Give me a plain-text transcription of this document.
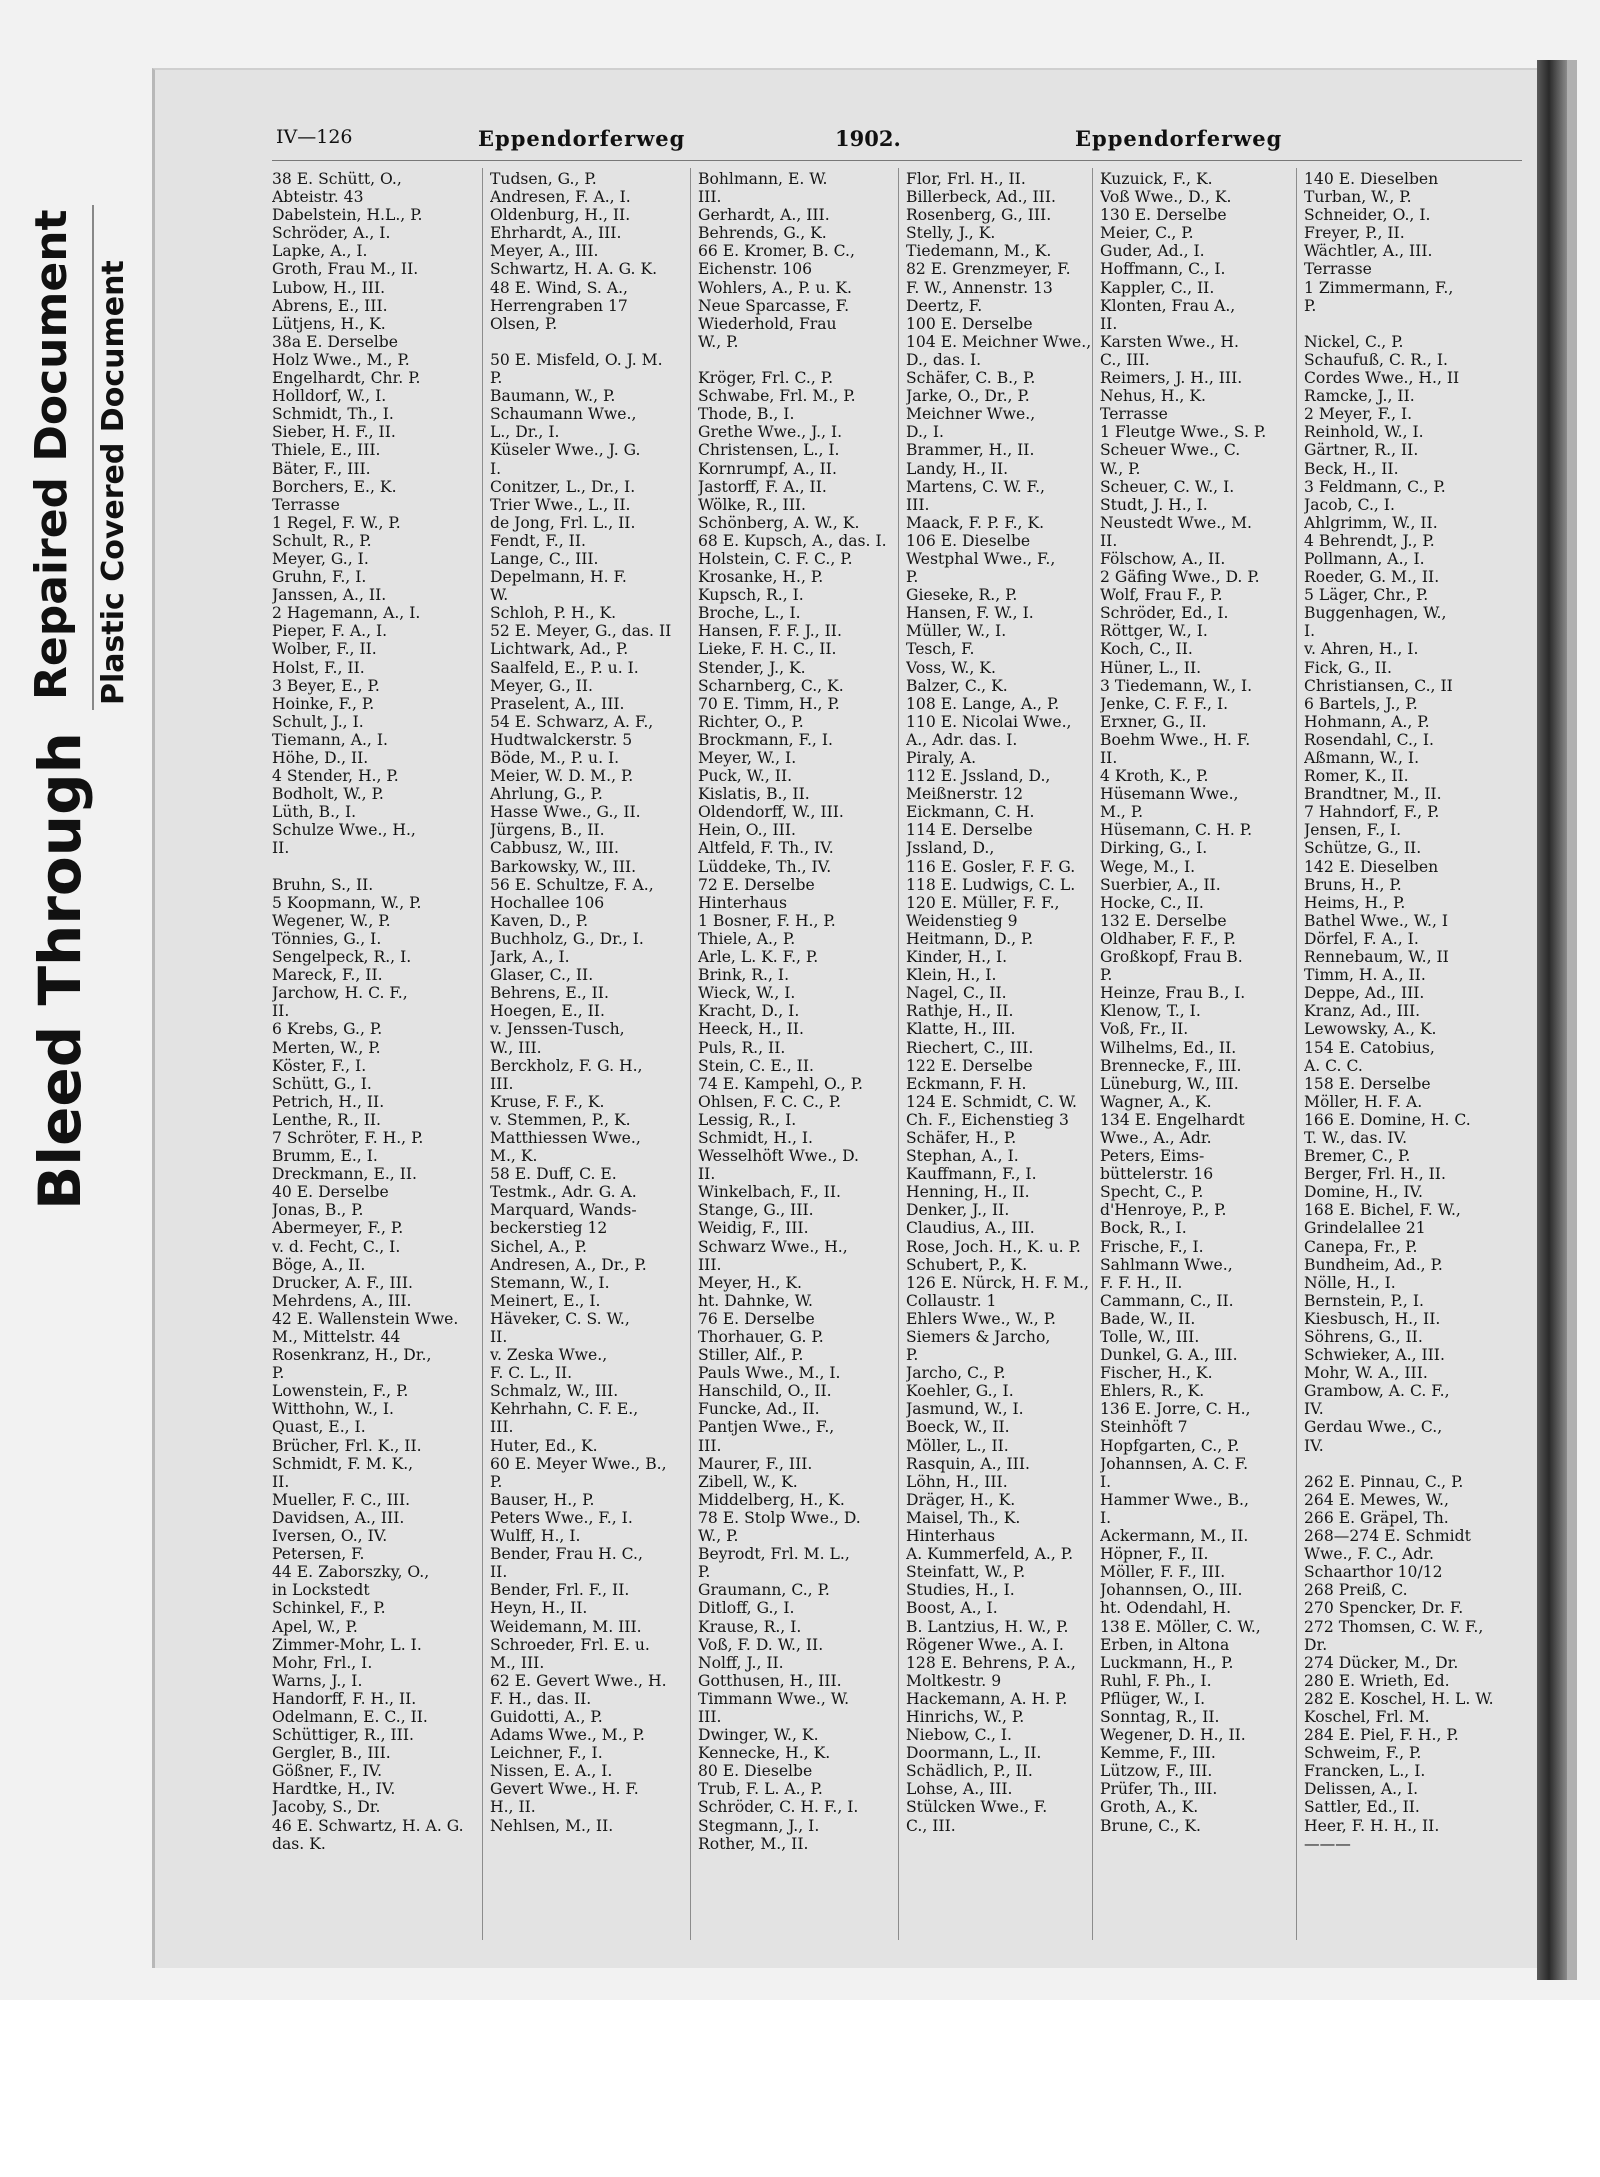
Bleed Through
Repaired Document Plastic Covered Document
IV—126	Eppendorferweg	1902.	Eppendorferweg
38 E. Schütt, O.,
Abteistr. 43
Dabelstein, H.L., P.
Schröder, A., I.
Lapke, A., I.
Groth, Frau M., II.
Lubow, H., III.
Abrens, E., III.
Lütjens, H., K.
38a E. Derselbe
Holz Wwe., M., P.
Engelhardt, Chr. P.
Holldorf, W., I.
Schmidt, Th., I.
Sieber, H. F., II.
Thiele, E., III.
Bäter, F., III.
Borchers, E., K.
Terrasse
1 Regel, F. W., P.
Schult, R., P.
Meyer, G., I.
Gruhn, F., I.
Janssen, A., II.
2 Hagemann, A., I.
Pieper, F. A., I.
Wolber, F., II.
Holst, F., II.
3 Beyer, E., P.
Hoinke, F., P.
Schult, J., I.
Tiemann, A., I.
Höhe, D., II.
4 Stender, H., P.
Bodholt, W., P.
Lüth, B., I.
Schulze Wwe., H.,
II.
Bruhn, S., II.
5 Koopmann, W., P.
Wegener, W., P.
Tönnies, G., I.
Sengelpeck, R., I.
Mareck, F., II.
Jarchow, H. C. F.,
II.
6 Krebs, G., P.
Merten, W., P.
Köster, F., I.
Schütt, G., I.
Petrich, H., II.
Lenthe, R., II.
7 Schröter, F. H., P.
Brumm, E., I.
Dreckmann, E., II.
40 E. Derselbe
Jonas, B., P.
Abermeyer, F., P.
v. d. Fecht, C., I.
Böge, A., II.
Drucker, A. F., III.
Mehrdens, A., III.
42 E. Wallenstein Wwe.
M., Mittelstr. 44
Rosenkranz, H., Dr.,
P.
Lowenstein, F., P.
Witthohn, W., I.
Quast, E., I.
Brücher, Frl. K., II.
Schmidt, F. M. K.,
II.
Mueller, F. C., III.
Davidsen, A., III.
Iversen, O., IV.
Petersen, F.
44 E. Zaborszky, O.,
in Lockstedt
Schinkel, F., P.
Apel, W., P.
Zimmer-Mohr, L. I.
Mohr, Frl., I.
Warns, J., I.
Handorff, F. H., II.
Odelmann, E. C., II.
Schüttiger, R., III.
Gergler, B., III.
Gößner, F., IV.
Hardtke, H., IV.
Jacoby, S., Dr.
46 E. Schwartz, H. A. G.
das. K.
Tudsen, G., P.
Andresen, F. A., I.
Oldenburg, H., II.
Ehrhardt, A., III.
Meyer, A., III.
Schwartz, H. A. G. K.
48 E. Wind, S. A.,
Herrengraben 17
Olsen, P.
50 E. Misfeld, O. J. M.
P.
Baumann, W., P.
Schaumann Wwe.,
L., Dr., I.
Küseler Wwe., J. G.
I.
Conitzer, L., Dr., I.
Trier Wwe., L., II.
de Jong, Frl. L., II.
Fendt, F., II.
Lange, C., III.
Depelmann, H. F.
W.
Schloh, P. H., K.
52 E. Meyer, G., das. II
Lichtwark, Ad., P.
Saalfeld, E., P. u. I.
Meyer, G., II.
Praselent, A., III.
54 E. Schwarz, A. F.,
Hudtwalckerstr. 5
Böde, M., P. u. I.
Meier, W. D. M., P.
Ahrlung, G., P.
Hasse Wwe., G., II.
Jürgens, B., II.
Cabbusz, W., III.
Barkowsky, W., III.
56 E. Schultze, F. A.,
Hochallee 106
Kaven, D., P.
Buchholz, G., Dr., I.
Jark, A., I.
Glaser, C., II.
Behrens, E., II.
Hoegen, E., II.
v. Jenssen-Tusch,
W., III.
Berckholz, F. G. H.,
III.
Kruse, F. F., K.
v. Stemmen, P., K.
Matthiessen Wwe.,
M., K.
58 E. Duff, C. E.
Testmk., Adr. G. A.
Marquard, Wands-
beckerstieg 12
Sichel, A., P.
Andresen, A., Dr., P.
Stemann, W., I.
Meinert, E., I.
Häveker, C. S. W.,
II.
v. Zeska Wwe.,
F. C. L., II.
Schmalz, W., III.
Kehrhahn, C. F. E.,
III.
Huter, Ed., K.
60 E. Meyer Wwe., B.,
P.
Bauser, H., P.
Peters Wwe., F., I.
Wulff, H., I.
Bender, Frau H. C.,
II.
Bender, Frl. F., II.
Heyn, H., II.
Weidemann, M. III.
Schroeder, Frl. E. u.
M., III.
62 E. Gevert Wwe., H.
F. H., das. II.
Guidotti, A., P.
Adams Wwe., M., P.
Leichner, F., I.
Nissen, E. A., I.
Gevert Wwe., H. F.
H., II.
Nehlsen, M., II.
Bohlmann, E. W.
III.
Gerhardt, A., III.
Behrends, G., K.
66 E. Kromer, B. C.,
Eichenstr. 106
Wohlers, A., P. u. K.
Neue Sparcasse, F.
Wiederhold, Frau
W., P.
Kröger, Frl. C., P.
Schwabe, Frl. M., P.
Thode, B., I.
Grethe Wwe., J., I.
Christensen, L., I.
Kornrumpf, A., II.
Jastorff, F. A., II.
Wölke, R., III.
Schönberg, A. W., K.
68 E. Kupsch, A., das. I.
Holstein, C. F. C., P.
Krosanke, H., P.
Kupsch, R., I.
Broche, L., I.
Hansen, F. F. J., II.
Lieke, F. H. C., II.
Stender, J., K.
Scharnberg, C., K.
70 E. Timm, H., P.
Richter, O., P.
Brockmann, F., I.
Meyer, W., I.
Puck, W., II.
Kislatis, B., II.
Oldendorff, W., III.
Hein, O., III.
Altfeld, F. Th., IV.
Lüddeke, Th., IV.
72 E. Derselbe
Hinterhaus
1 Bosner, F. H., P.
Thiele, A., P.
Arle, L. K. F., P.
Brink, R., I.
Wieck, W., I.
Kracht, D., I.
Heeck, H., II.
Puls, R., II.
Stein, C. E., II.
74 E. Kampehl, O., P.
Ohlsen, F. C. C., P.
Lessig, R., I.
Schmidt, H., I.
Wesselhöft Wwe., D.
II.
Winkelbach, F., II.
Stange, G., III.
Weidig, F., III.
Schwarz Wwe., H.,
III.
Meyer, H., K.
ht. Dahnke, W.
76 E. Derselbe
Thorhauer, G. P.
Stiller, Alf., P.
Pauls Wwe., M., I.
Hanschild, O., II.
Funcke, Ad., II.
Pantjen Wwe., F.,
III.
Maurer, F., III.
Zibell, W., K.
Middelberg, H., K.
78 E. Stolp Wwe., D.
W., P.
Beyrodt, Frl. M. L.,
P.
Graumann, C., P.
Ditloff, G., I.
Krause, R., I.
Voß, F. D. W., II.
Nolff, J., II.
Gotthusen, H., III.
Timmann Wwe., W.
III.
Dwinger, W., K.
Kennecke, H., K.
80 E. Dieselbe
Trub, F. L. A., P.
Schröder, C. H. F., I.
Stegmann, J., I.
Rother, M., II.
Flor, Frl. H., II.
Billerbeck, Ad., III.
Rosenberg, G., III.
Stelly, J., K.
Tiedemann, M., K.
82 E. Grenzmeyer, F.
F. W., Annenstr. 13
Deertz, F.
100 E. Derselbe
104 E. Meichner Wwe.,
D., das. I.
Schäfer, C. B., P.
Jarke, O., Dr., P.
Meichner Wwe.,
D., I.
Brammer, H., II.
Landy, H., II.
Martens, C. W. F.,
III.
Maack, F. P. F., K.
106 E. Dieselbe
Westphal Wwe., F.,
P.
Gieseke, R., P.
Hansen, F. W., I.
Müller, W., I.
Tesch, F.
Voss, W., K.
Balzer, C., K.
108 E. Lange, A., P.
110 E. Nicolai Wwe.,
A., Adr. das. I.
Piraly, A.
112 E. Jssland, D.,
Meißnerstr. 12
Eickmann, C. H.
114 E. Derselbe
Jssland, D.,
116 E. Gosler, F. F. G.
118 E. Ludwigs, C. L.
120 E. Müller, F. F.,
Weidenstieg 9
Heitmann, D., P.
Kinder, H., I.
Klein, H., I.
Nagel, C., II.
Rathje, H., II.
Klatte, H., III.
Riechert, C., III.
122 E. Derselbe
Eckmann, F. H.
124 E. Schmidt, C. W.
Ch. F., Eichenstieg 3
Schäfer, H., P.
Stephan, A., I.
Kauffmann, F., I.
Henning, H., II.
Denker, J., II.
Claudius, A., III.
Rose, Joch. H., K. u. P.
Schubert, P., K.
126 E. Nürck, H. F. M.,
Collaustr. 1
Ehlers Wwe., W., P.
Siemers & Jarcho,
P.
Jarcho, C., P.
Koehler, G., I.
Jasmund, W., I.
Boeck, W., II.
Möller, L., II.
Rasquin, A., III.
Löhn, H., III.
Dräger, H., K.
Maisel, Th., K.
Hinterhaus
A. Kummerfeld, A., P.
Steinfatt, W., P.
Studies, H., I.
Boost, A., I.
B. Lantzius, H. W., P.
Rögener Wwe., A. I.
128 E. Behrens, P. A.,
Moltkestr. 9
Hackemann, A. H. P.
Hinrichs, W., P.
Niebow, C., I.
Doormann, L., II.
Schädlich, P., II.
Lohse, A., III.
Stülcken Wwe., F.
C., III.
Kuzuick, F., K.
Voß Wwe., D., K.
130 E. Derselbe
Meier, C., P.
Guder, Ad., I.
Hoffmann, C., I.
Kappler, C., II.
Klonten, Frau A.,
II.
Karsten Wwe., H.
C., III.
Reimers, J. H., III.
Nehus, H., K.
Terrasse
1 Fleutge Wwe., S. P.
Scheuer Wwe., C.
W., P.
Scheuer, C. W., I.
Studt, J. H., I.
Neustedt Wwe., M.
II.
Fölschow, A., II.
2 Gäfing Wwe., D. P.
Wolf, Frau F., P.
Schröder, Ed., I.
Röttger, W., I.
Koch, C., II.
Hüner, L., II.
3 Tiedemann, W., I.
Jenke, C. F. F., I.
Erxner, G., II.
Boehm Wwe., H. F.
II.
4 Kroth, K., P.
Hüsemann Wwe.,
M., P.
Hüsemann, C. H. P.
Dirking, G., I.
Wege, M., I.
Suerbier, A., II.
Hocke, C., II.
132 E. Derselbe
Oldhaber, F. F., P.
Großkopf, Frau B.
P.
Heinze, Frau B., I.
Klenow, T., I.
Voß, Fr., II.
Wilhelms, Ed., II.
Brennecke, F., III.
Lüneburg, W., III.
Wagner, A., K.
134 E. Engelhardt
Wwe., A., Adr.
Peters, Eims-
büttelerstr. 16
Specht, C., P.
d'Henroye, P., P.
Bock, R., I.
Frische, F., I.
Sahlmann Wwe.,
F. F. H., II.
Cammann, C., II.
Bade, W., II.
Tolle, W., III.
Dunkel, G. A., III.
Fischer, H., K.
Ehlers, R., K.
136 E. Jorre, C. H.,
Steinhöft 7
Hopfgarten, C., P.
Johannsen, A. C. F.
I.
Hammer Wwe., B.,
I.
Ackermann, M., II.
Höpner, F., II.
Möller, F. F., III.
Johannsen, O., III.
ht. Odendahl, H.
138 E. Möller, C. W.,
Erben, in Altona
Luckmann, H., P.
Ruhl, F. Ph., I.
Pflüger, W., I.
Sonntag, R., II.
Wegener, D. H., II.
Kemme, F., III.
Lützow, F., III.
Prüfer, Th., III.
Groth, A., K.
Brune, C., K.
140 E. Dieselben
Turban, W., P.
Schneider, O., I.
Freyer, P., II.
Wächtler, A., III.
Terrasse
1 Zimmermann, F.,
P.
Nickel, C., P.
Schaufuß, C. R., I.
Cordes Wwe., H., II
Ramcke, J., II.
2 Meyer, F., I.
Reinhold, W., I.
Gärtner, R., II.
Beck, H., II.
3 Feldmann, C., P.
Jacob, C., I.
Ahlgrimm, W., II.
4 Behrendt, J., P.
Pollmann, A., I.
Roeder, G. M., II.
5 Läger, Chr., P.
Buggenhagen, W.,
I.
v. Ahren, H., I.
Fick, G., II.
Christiansen, C., II
6 Bartels, J., P.
Hohmann, A., P.
Rosendahl, C., I.
Aßmann, W., I.
Romer, K., II.
Brandtner, M., II.
7 Hahndorf, F., P.
Jensen, F., I.
Schütze, G., II.
142 E. Dieselben
Bruns, H., P.
Heims, H., P.
Bathel Wwe., W., I
Dörfel, F. A., I.
Rennebaum, W., II
Timm, H. A., II.
Deppe, Ad., III.
Kranz, Ad., III.
Lewowsky, A., K.
154 E. Catobius,
A. C. C.
158 E. Derselbe
Möller, H. F. A.
166 E. Domine, H. C.
T. W., das. IV.
Bremer, C., P.
Berger, Frl. H., II.
Domine, H., IV.
168 E. Bichel, F. W.,
Grindelallee 21
Canepa, Fr., P.
Bundheim, Ad., P.
Nölle, H., I.
Bernstein, P., I.
Kiesbusch, H., II.
Söhrens, G., II.
Schwieker, A., III.
Mohr, W. A., III.
Grambow, A. C. F.,
IV.
Gerdau Wwe., C.,
IV.
262 E. Pinnau, C., P.
264 E. Mewes, W.,
266 E. Gräpel, Th.
268—274 E. Schmidt
Wwe., F. C., Adr.
Schaarthor 10/12
268 Preiß, C.
270 Spencker, Dr. F.
272 Thomsen, C. W. F.,
Dr.
274 Dücker, M., Dr.
280 E. Wrieth, Ed.
282 E. Koschel, H. L. W.
Koschel, Frl. M.
284 E. Piel, F. H., P.
Schweim, F., P.
Francken, L., I.
Delissen, A., I.
Sattler, Ed., II.
Heer, F. H. H., II.
———
